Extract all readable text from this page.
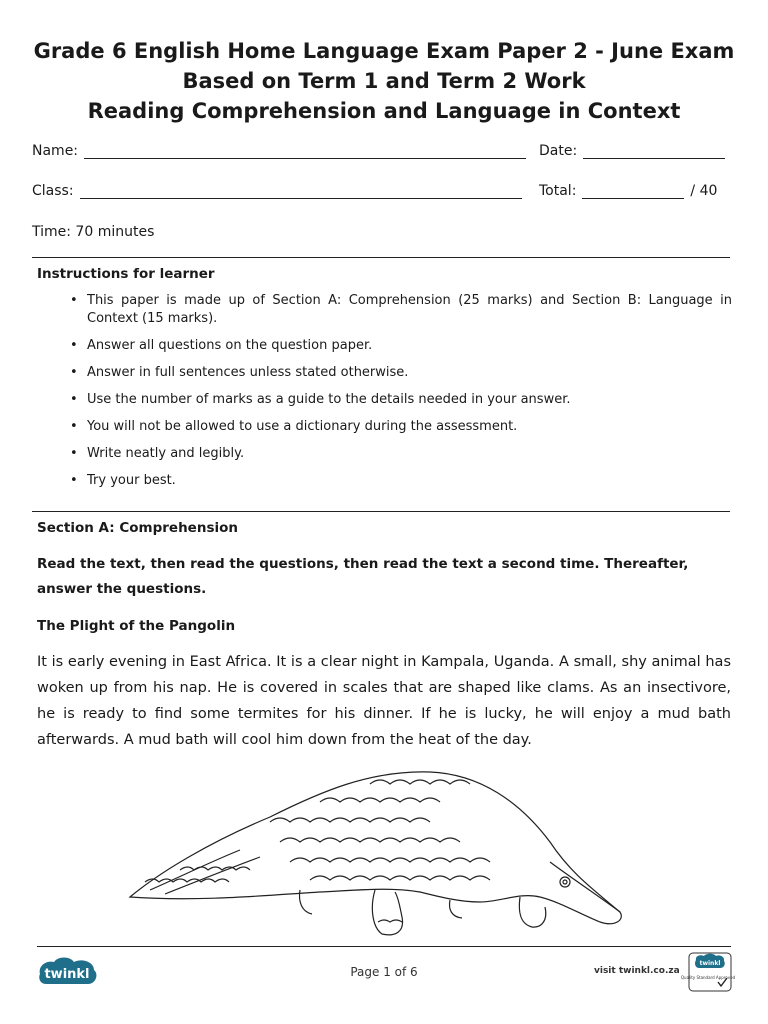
Grade 6 English Home Language Exam Paper 2 - June Exam
Based on Term 1 and Term 2 Work
Reading Comprehension and Language in Context
Name:	Date:
Class:	Total:	/ 40
Time: 70 minutes
Instructions for learner
• This paper is made up of Section A: Comprehension (25 marks) and Section B: Language in Context (15 marks).
• Answer all questions on the question paper.
• Answer in full sentences unless stated otherwise.
• Use the number of marks as a guide to the details needed in your answer.
• You will not be allowed to use a dictionary during the assessment.
• Write neatly and legibly.
• Try your best.
Section A: Comprehension
Read the text, then read the questions, then read the text a second time. Thereafter, answer the questions.
The Plight of the Pangolin
It is early evening in East Africa. It is a clear night in Kampala, Uganda. A small, shy animal has woken up from his nap. He is covered in scales that are shaped like clams. As an insectivore, he is ready to find some termites for his dinner. If he is lucky, he will enjoy a mud bath afterwards. A mud bath will cool him down from the heat of the day.
twinkl	Page 1 of 6	visit twinkl.co.za
twinkl
Quality Standard Approved
